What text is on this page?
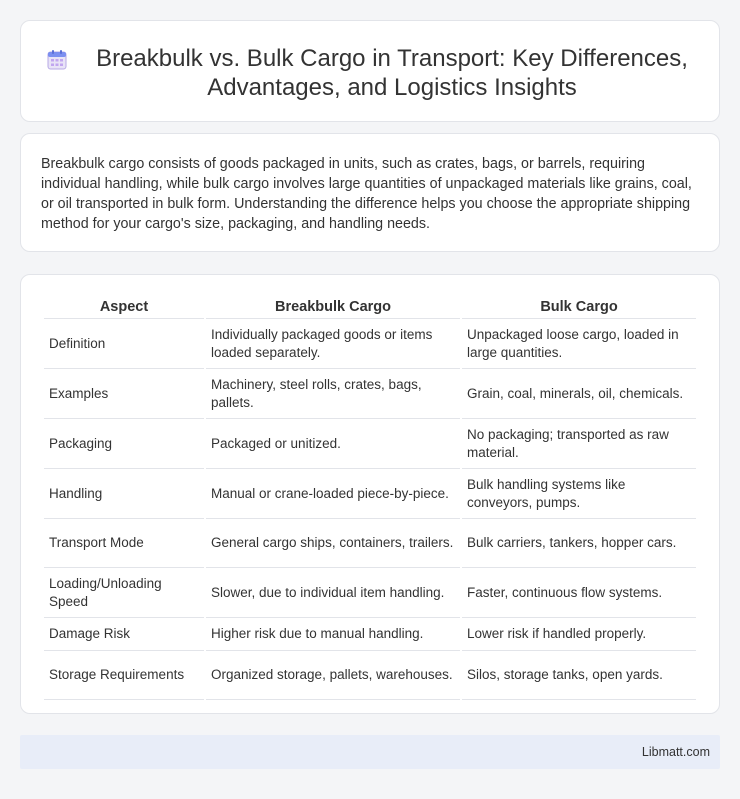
Breakbulk vs. Bulk Cargo in Transport: Key Differences, Advantages, and Logistics Insights

Breakbulk cargo consists of goods packaged in units, such as crates, bags, or barrels, requiring individual handling, while bulk cargo involves large quantities of unpackaged materials like grains, coal, or oil transported in bulk form. Understanding the difference helps you choose the appropriate shipping method for your cargo's size, packaging, and handling needs.

Aspect	Breakbulk Cargo	Bulk Cargo
Definition	Individually packaged goods or items loaded separately.	Unpackaged loose cargo, loaded in large quantities.
Examples	Machinery, steel rolls, crates, bags, pallets.	Grain, coal, minerals, oil, chemicals.
Packaging	Packaged or unitized.	No packaging; transported as raw material.
Handling	Manual or crane-loaded piece-by-piece.	Bulk handling systems like conveyors, pumps.
Transport Mode	General cargo ships, containers, trailers.	Bulk carriers, tankers, hopper cars.
Loading/Unloading Speed	Slower, due to individual item handling.	Faster, continuous flow systems.
Damage Risk	Higher risk due to manual handling.	Lower risk if handled properly.
Storage Requirements	Organized storage, pallets, warehouses.	Silos, storage tanks, open yards.
Libmatt.com
